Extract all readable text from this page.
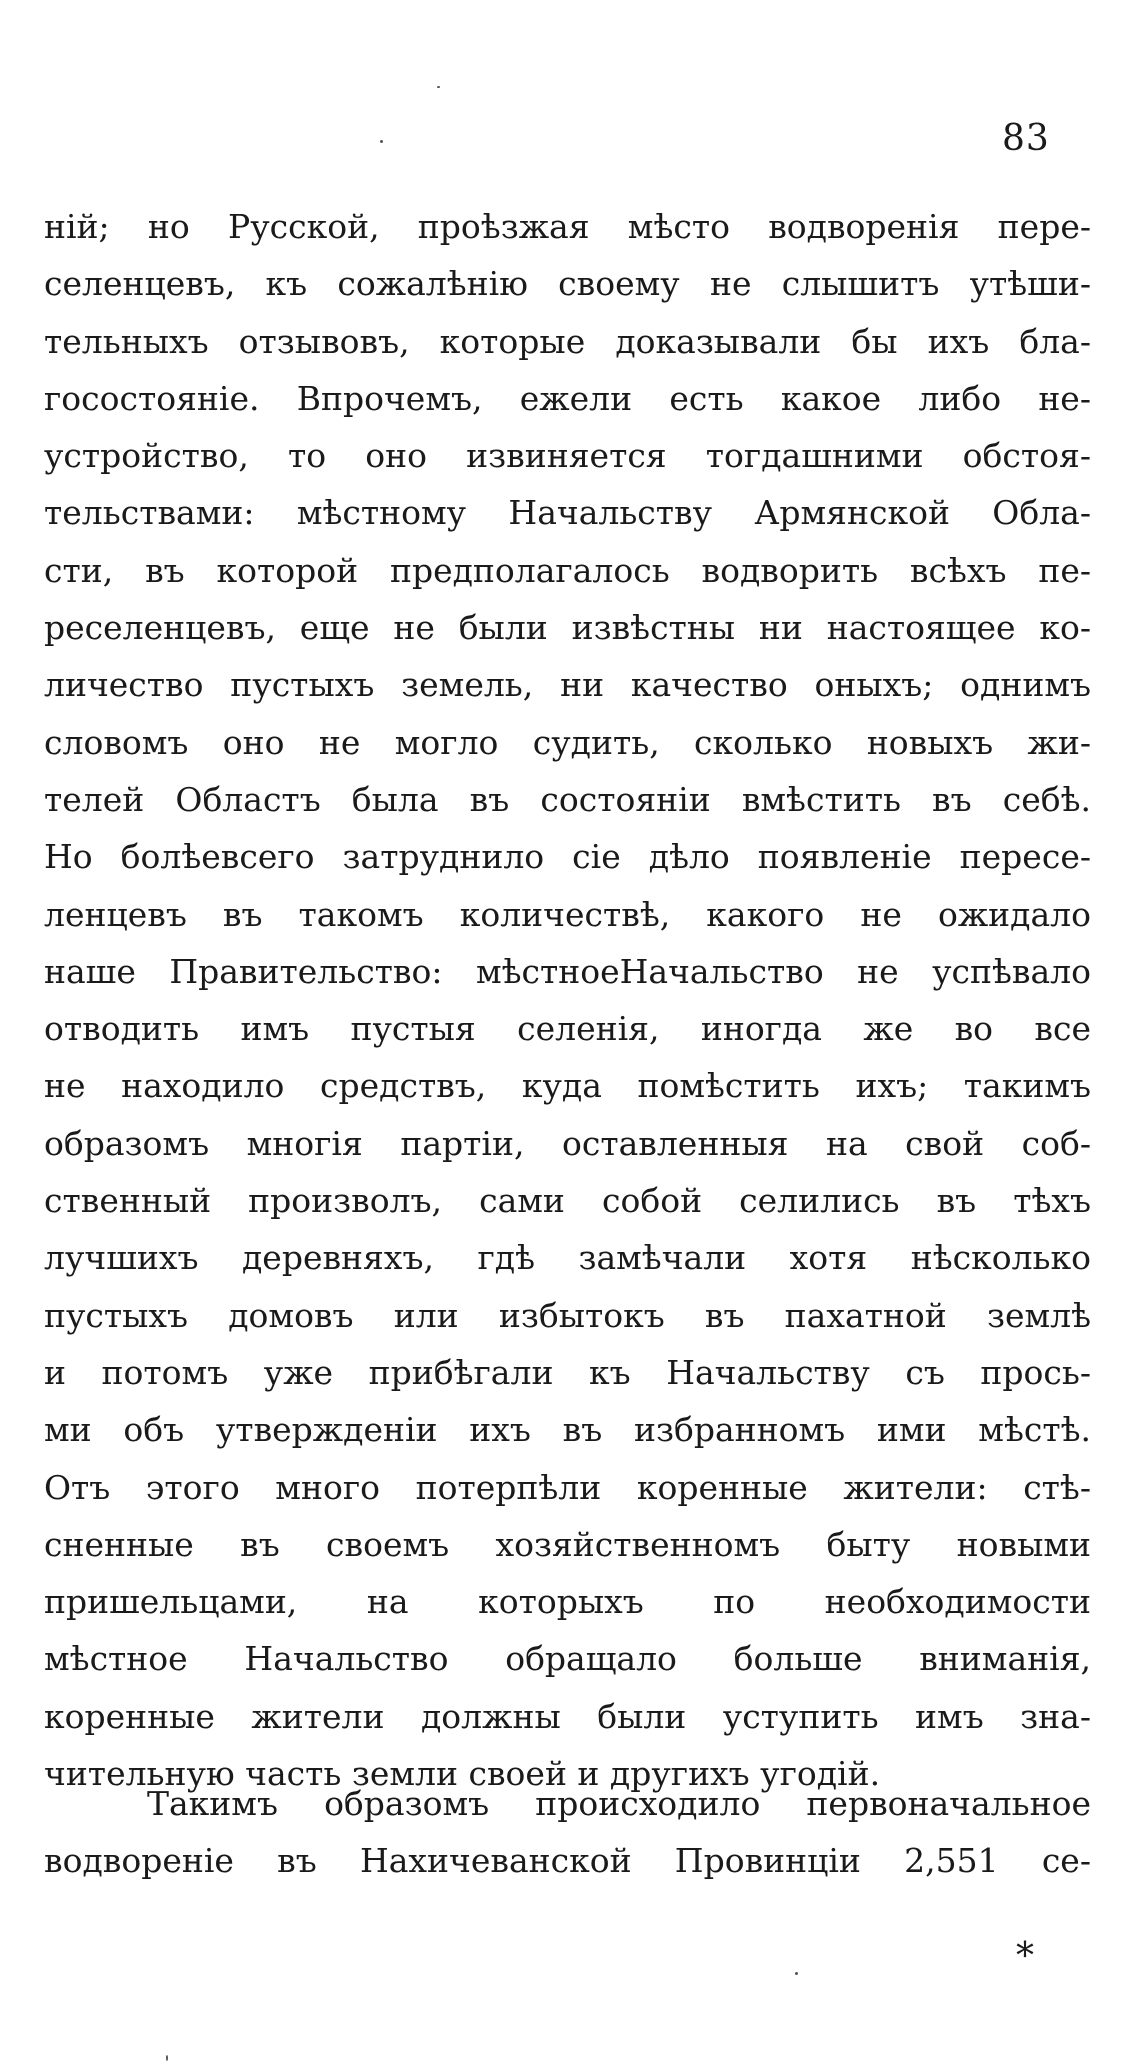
83
нiй; но Русской, проѣзжая мѣсто водворенiя пере-
селенцевъ, къ сожалѣнiю своему не слышитъ утѣши-
тельныхъ отзывовъ, которые доказывали бы ихъ бла-
госостоянiе. Впрочемъ, ежели есть какое либо не-
устройство, то оно извиняется тогдашними обстоя-
тельствами: мѣстному Начальству Армянской Обла-
сти, въ которой предполагалось водворить всѣхъ пе-
реселенцевъ, еще не были извѣстны ни настоящее ко-
личество пустыхъ земель, ни качество оныхъ; однимъ
словомъ оно не могло судить, сколько новыхъ жи-
телей Областъ была въ состоянiи вмѣстить въ себѣ.
Но болѣевсего затруднило сiе дѣло появленiе пересе-
ленцевъ въ такомъ количествѣ, какого не ожидало
наше Правительство: мѣстноеНачальство не успѣвало
отводить имъ пустыя селенiя, иногда же во все
не находило средствъ, куда помѣстить ихъ; такимъ
образомъ многiя партiи, оставленныя на свой соб-
ственный произволъ, сами собой селились въ тѣхъ
лучшихъ деревняхъ, гдѣ замѣчали хотя нѣсколько
пустыхъ домовъ или избытокъ въ пахатной землѣ
и потомъ уже прибѣгали къ Начальству съ прось-
ми объ утвержденiи ихъ въ избранномъ ими мѣстѣ.
Отъ этого много потерпѣли коренные жители: стѣ-
сненные въ своемъ хозяйственномъ быту новыми
пришельцами, на которыхъ по необходимости
мѣстное Начальство обращало больше вниманiя,
коренные жители должны были уступить имъ зна-
чительную часть земли своей и другихъ угодiй.
Такимъ образомъ происходило первоначальное
водворенiе въ Нахичеванской Провинцiи 2,551 се-
*
